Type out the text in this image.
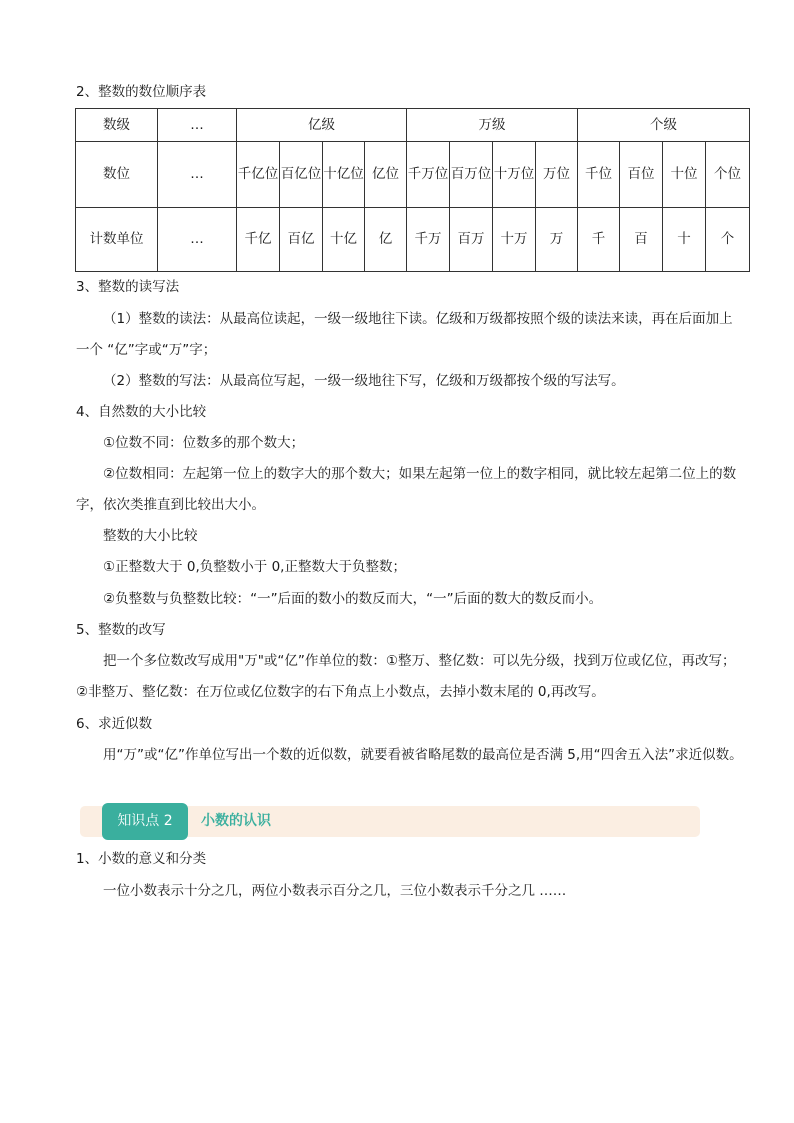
2、整数的数位顺序表
数级	…	亿级				万级				个级			
数位	…	千亿位	百亿位	十亿位	亿位	千万位	百万位	十万位	万位	千位	百位	十位	个位
计数单位	…	千亿	百亿	十亿	亿	千万	百万	十万	万	千	百	十	个
3、整数的读写法
（1）整数的读法：从最高位读起，一级一级地往下读。亿级和万级都按照个级的读法来读，再在后面加上一个 “亿”字或“万”字；
（2）整数的写法：从最高位写起，一级一级地往下写，亿级和万级都按个级的写法写。
4、自然数的大小比较
①位数不同：位数多的那个数大；
②位数相同：左起第一位上的数字大的那个数大；如果左起第一位上的数字相同，就比较左起第二位上的数字，依次类推直到比较出大小。
整数的大小比较
①正整数大于 0,负整数小于 0,正整数大于负整数；
②负整数与负整数比较：“一”后面的数小的数反而大，“一”后面的数大的数反而小。
5、整数的改写
把一个多位数改写成用"万"或“亿”作单位的数：①整万、整亿数：可以先分级，找到万位或亿位，再改写；②非整万、整亿数：在万位或亿位数字的右下角点上小数点，去掉小数末尾的 0,再改写。
6、求近似数
用“万”或“亿”作单位写出一个数的近似数，就要看被省略尾数的最高位是否满 5,用“四舍五入法”求近似数。
知识点 2	小数的认识
1、小数的意义和分类
一位小数表示十分之几，两位小数表示百分之几，三位小数表示千分之几 ……
